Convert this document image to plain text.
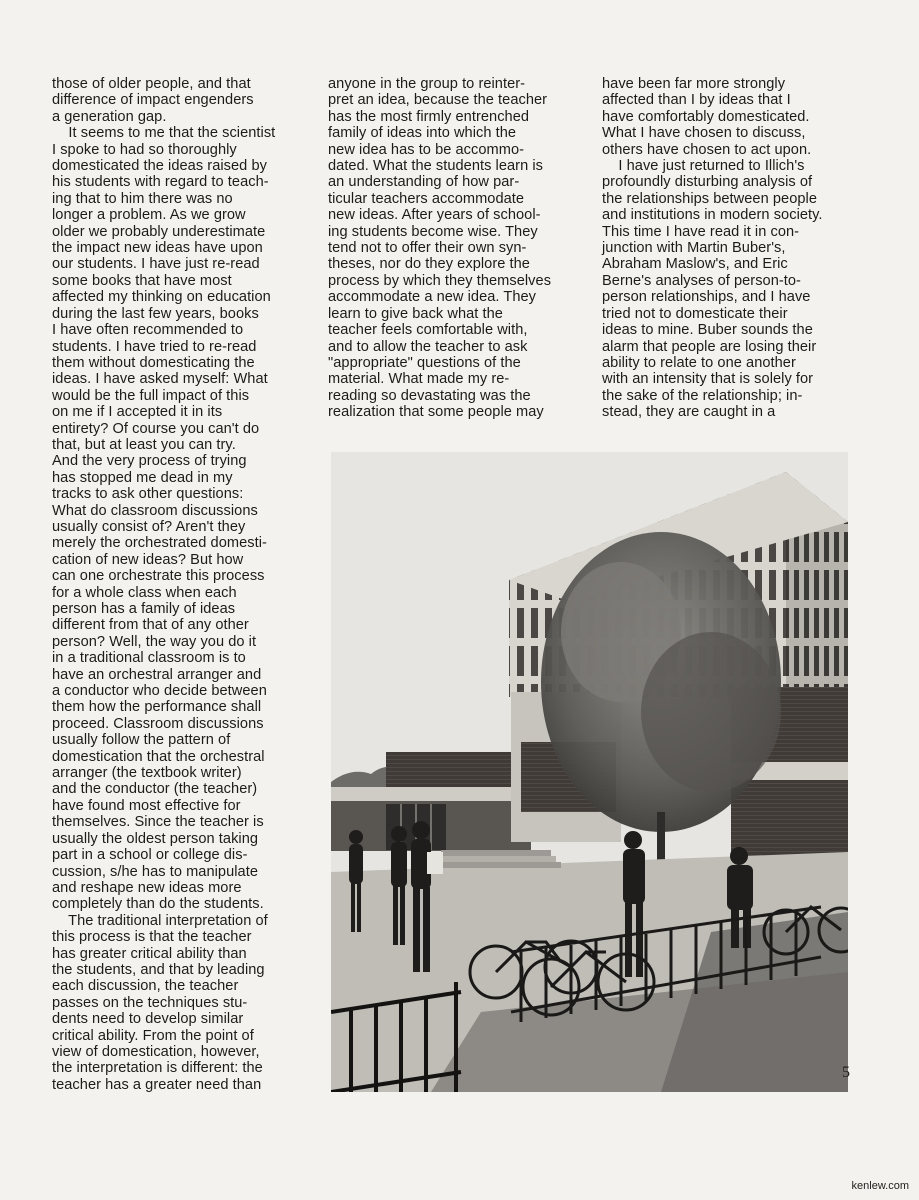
those of older people, and that
difference of impact engenders
a generation gap.
It seems to me that the scientist
I spoke to had so thoroughly
domesticated the ideas raised by
his students with regard to teach-
ing that to him there was no
longer a problem. As we grow
older we probably underestimate
the impact new ideas have upon
our students. I have just re-read
some books that have most
affected my thinking on education
during the last few years, books
I have often recommended to
students. I have tried to re-read
them without domesticating the
ideas. I have asked myself: What
would be the full impact of this
on me if I accepted it in its
entirety? Of course you can't do
that, but at least you can try.
And the very process of trying
has stopped me dead in my
tracks to ask other questions:
What do classroom discussions
usually consist of? Aren't they
merely the orchestrated domesti-
cation of new ideas? But how
can one orchestrate this process
for a whole class when each
person has a family of ideas
different from that of any other
person? Well, the way you do it
in a traditional classroom is to
have an orchestral arranger and
a conductor who decide between
them how the performance shall
proceed. Classroom discussions
usually follow the pattern of
domestication that the orchestral
arranger (the textbook writer)
and the conductor (the teacher)
have found most effective for
themselves. Since the teacher is
usually the oldest person taking
part in a school or college dis-
cussion, s/he has to manipulate
and reshape new ideas more
completely than do the students.
The traditional interpretation of
this process is that the teacher
has greater critical ability than
the students, and that by leading
each discussion, the teacher
passes on the techniques stu-
dents need to develop similar
critical ability. From the point of
view of domestication, however,
the interpretation is different: the
teacher has a greater need than
anyone in the group to reinter-
pret an idea, because the teacher
has the most firmly entrenched
family of ideas into which the
new idea has to be accommo-
dated. What the students learn is
an understanding of how par-
ticular teachers accommodate
new ideas. After years of school-
ing students become wise. They
tend not to offer their own syn-
theses, nor do they explore the
process by which they themselves
accommodate a new idea. They
learn to give back what the
teacher feels comfortable with,
and to allow the teacher to ask
"appropriate" questions of the
material. What made my re-
reading so devastating was the
realization that some people may
have been far more strongly
affected than I by ideas that I
have comfortably domesticated.
What I have chosen to discuss,
others have chosen to act upon.
I have just returned to Illich's
profoundly disturbing analysis of
the relationships between people
and institutions in modern society.
This time I have read it in con-
junction with Martin Buber's,
Abraham Maslow's, and Eric
Berne's analyses of person-to-
person relationships, and I have
tried not to domesticate their
ideas to mine. Buber sounds the
alarm that people are losing their
ability to relate to one another
with an intensity that is solely for
the sake of the relationship; in-
stead, they are caught in a
5
kenlew.com
